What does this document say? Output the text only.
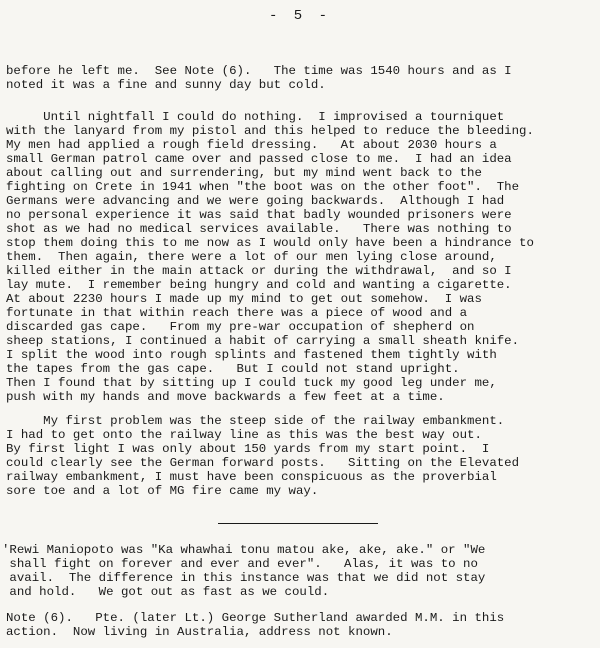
- 5 -
before he left me.  See Note (6).   The time was 1540 hours and as I
noted it was a fine and sunny day but cold.
Until nightfall I could do nothing.  I improvised a tourniquet
with the lanyard from my pistol and this helped to reduce the bleeding.
My men had applied a rough field dressing.   At about 2030 hours a
small German patrol came over and passed close to me.  I had an idea
about calling out and surrendering, but my mind went back to the
fighting on Crete in 1941 when "the boot was on the other foot".  The
Germans were advancing and we were going backwards.  Although I had
no personal experience it was said that badly wounded prisoners were
shot as we had no medical services available.   There was nothing to
stop them doing this to me now as I would only have been a hindrance to
them.  Then again, there were a lot of our men lying close around,
killed either in the main attack or during the withdrawal,  and so I
lay mute.  I remember being hungry and cold and wanting a cigarette.
At about 2230 hours I made up my mind to get out somehow.  I was
fortunate in that within reach there was a piece of wood and a
discarded gas cape.   From my pre-war occupation of shepherd on
sheep stations, I continued a habit of carrying a small sheath knife.
I split the wood into rough splints and fastened them tightly with
the tapes from the gas cape.   But I could not stand upright.
Then I found that by sitting up I could tuck my good leg under me,
push with my hands and move backwards a few feet at a time.
My first problem was the steep side of the railway embankment.
I had to get onto the railway line as this was the best way out.
By first light I was only about 150 yards from my start point.  I
could clearly see the German forward posts.   Sitting on the Elevated
railway embankment, I must have been conspicuous as the proverbial
sore toe and a lot of MG fire came my way.
'Rewi Maniopoto was "Ka whawhai tonu matou ake, ake, ake." or "We
shall fight on forever and ever and ever".   Alas, it was to no
avail.  The difference in this instance was that we did not stay
and hold.   We got out as fast as we could.
Note (6).   Pte. (later Lt.) George Sutherland awarded M.M. in this
action.  Now living in Australia, address not known.
